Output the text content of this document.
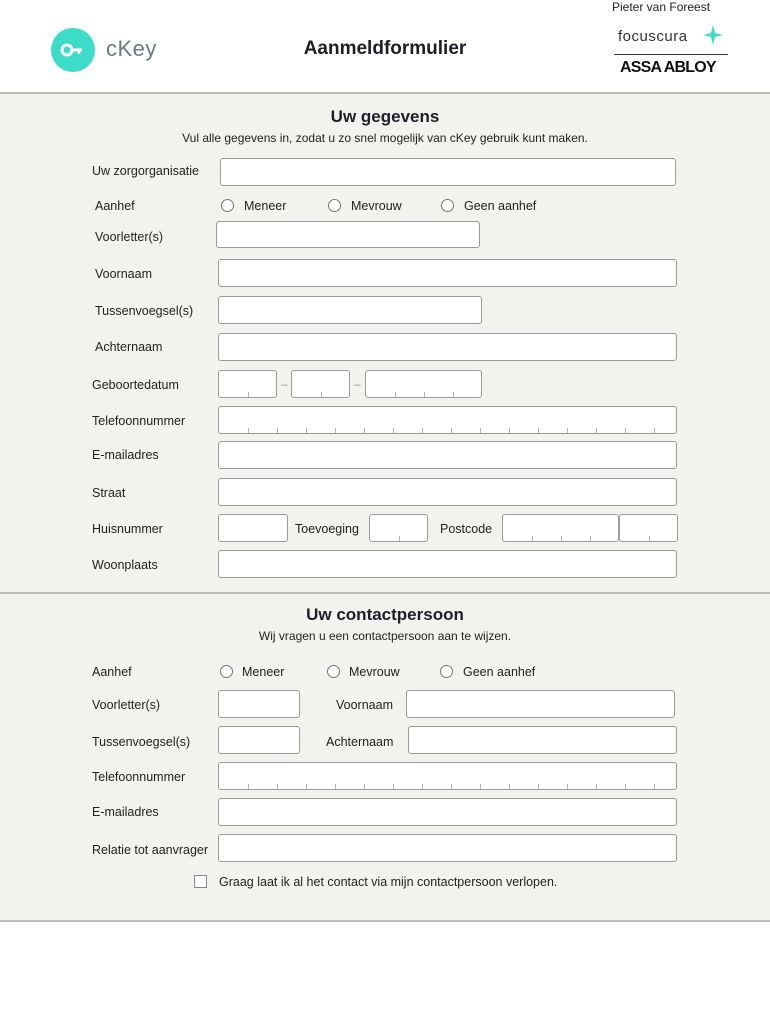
cKey	Aanmeldformulier
Pieter van Foreest
focuscura
ASSA ABLOY
Uw gegevens
Vul alle gegevens in, zodat u zo snel mogelijk van cKey gebruik kunt maken.
Uw zorgorganisatie
Aanhef	Meneer	Mevrouw	Geen aanhef
Voorletter(s)
Voornaam
Tussenvoegsel(s)
Achternaam
Geboortedatum	–	–
Telefoonnummer
E-mailadres
Straat
Huisnummer	Toevoeging	Postcode
Woonplaats
Uw contactpersoon
Wij vragen u een contactpersoon aan te wijzen.
Aanhef	Meneer	Mevrouw	Geen aanhef
Voorletter(s)	Voornaam
Tussenvoegsel(s)	Achternaam
Telefoonnummer
E-mailadres
Relatie tot aanvrager
Graag laat ik al het contact via mijn contactpersoon verlopen.
